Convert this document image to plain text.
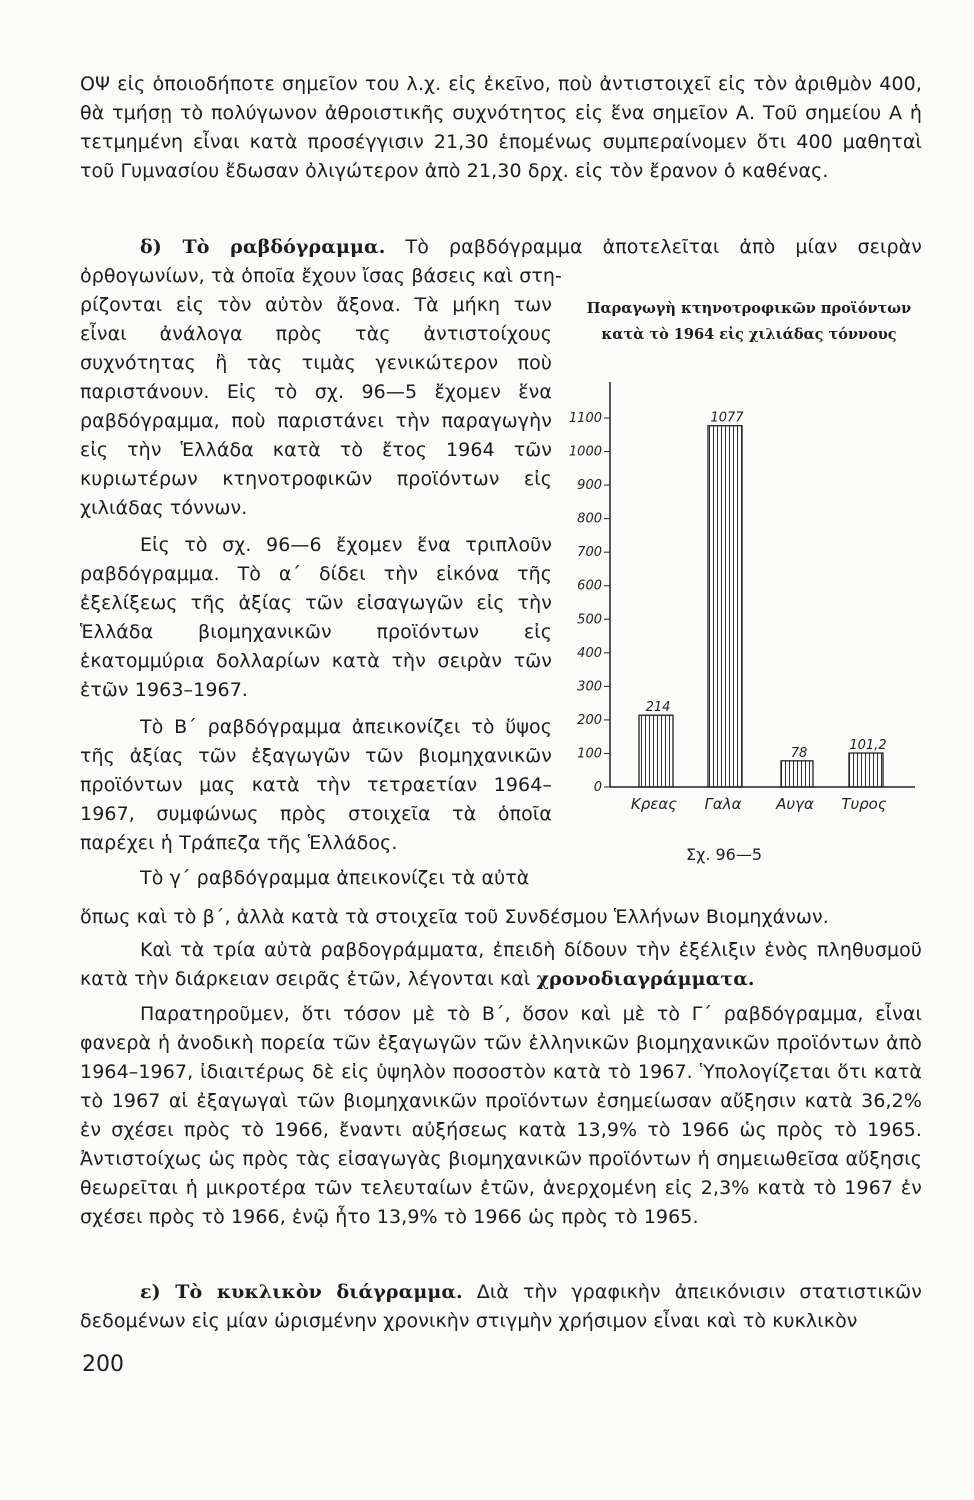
ΟΨ εἰς ὁποιοδήποτε σημεῖον του λ.χ. εἰς ἐκεῖνο, ποὺ ἀντιστοιχεῖ εἰς τὸν ἀριθμὸν 400, θὰ τμήσῃ τὸ πολύγωνον ἀθροιστικῆς συχνότητος εἰς ἕνα σημεῖον Α. Τοῦ σημείου Α ἡ τετμημένη εἶναι κατὰ προσέγγισιν 21,30 ἑπομένως συμπεραίνομεν ὅτι 400 μαθηταὶ τοῦ Γυμνασίου ἔδωσαν ὀλιγώτερον ἀπὸ 21,30 δρχ. εἰς τὸν ἔρανον ὁ καθένας.

δ) Τὸ ραβδόγραμμα. Τὸ ραβδόγραμμα ἀποτελεῖται ἀπὸ μίαν σειρὰν ὀρθογωνίων, τὰ ὁποῖα ἔχουν ἴσας βάσεις καὶ στη-

ρίζονται εἰς τὸν αὐτὸν ἄξονα. Τὰ μήκη των εἶναι ἀνάλογα πρὸς τὰς ἀντιστοίχους συχνότητας ἢ τὰς τιμὰς γενικώτερον ποὺ παριστάνουν. Εἰς τὸ σχ. 96—5 ἔχομεν ἕνα ραβδόγραμμα, ποὺ παριστάνει τὴν παραγωγὴν εἰς τὴν Ἑλλάδα κατὰ τὸ ἔτος 1964 τῶν κυριωτέρων κτηνοτροφικῶν προϊόντων εἰς χιλιάδας τόννων.

Εἰς τὸ σχ. 96—6 ἔχομεν ἕνα τριπλοῦν ραβδόγραμμα. Τὸ α΄ δίδει τὴν εἰκόνα τῆς ἐξελίξεως τῆς ἀξίας τῶν εἰσαγωγῶν εἰς τὴν Ἑλλάδα βιομηχανικῶν προϊόντων εἰς ἑκατομμύρια δολλαρίων κατὰ τὴν σειρὰν τῶν ἐτῶν 1963–1967.

Τὸ Β΄ ραβδόγραμμα ἀπεικονίζει τὸ ὕψος τῆς ἀξίας τῶν ἐξαγωγῶν τῶν βιομηχανικῶν προϊόντων μας κατὰ τὴν τετραετίαν 1964–1967, συμφώνως πρὸς στοιχεῖα τὰ ὁποῖα παρέχει ἡ Τράπεζα τῆς Ἑλλάδος.

Τὸ γ΄ ραβδόγραμμα ἀπεικονίζει τὰ αὐτὰ

ὅπως καὶ τὸ β΄, ἀλλὰ κατὰ τὰ στοιχεῖα τοῦ Συνδέσμου Ἑλλήνων Βιομηχάνων.

Καὶ τὰ τρία αὐτὰ ραβδογράμματα, ἐπειδὴ δίδουν τὴν ἐξέλιξιν ἑνὸς πληθυσμοῦ κατὰ τὴν διάρκειαν σειρᾶς ἐτῶν, λέγονται καὶ χρονοδιαγράμματα.

Παρατηροῦμεν, ὅτι τόσον μὲ τὸ Β΄, ὅσον καὶ μὲ τὸ Γ΄ ραβδόγραμμα, εἶναι φανερὰ ἡ ἀνοδικὴ πορεία τῶν ἐξαγωγῶν τῶν ἑλληνικῶν βιομηχανικῶν προϊόντων ἀπὸ 1964–1967, ἰδιαιτέρως δὲ εἰς ὑψηλὸν ποσοστὸν κατὰ τὸ 1967. Ὑπολογίζεται ὅτι κατὰ τὸ 1967 αἱ ἐξαγωγαὶ τῶν βιομηχανικῶν προϊόντων ἐσημείωσαν αὔξησιν κατὰ 36,2% ἐν σχέσει πρὸς τὸ 1966, ἔναντι αὐξήσεως κατὰ 13,9% τὸ 1966 ὡς πρὸς τὸ 1965. Ἀντιστοίχως ὡς πρὸς τὰς εἰσαγωγὰς βιομηχανικῶν προϊόντων ἡ σημειωθεῖσα αὔξησις θεωρεῖται ἡ μικροτέρα τῶν τελευταίων ἐτῶν, ἀνερχομένη εἰς 2,3% κατὰ τὸ 1967 ἐν σχέσει πρὸς τὸ 1966, ἐνῷ ἦτο 13,9% τὸ 1966 ὡς πρὸς τὸ 1965.

ε) Τὸ κυκλικὸν διάγραμμα. Διὰ τὴν γραφικὴν ἀπεικόνισιν στατιστικῶν δεδομένων εἰς μίαν ὡρισμένην χρονικὴν στιγμὴν χρήσιμον εἶναι καὶ τὸ κυκλικὸν

200
Παραγωγὴ κτηνοτροφικῶν προϊόντων
κατὰ τὸ 1964 εἰς χιλιάδας τόννους
0
100
200
300
400
500
600
700
800
900
1000
1100
214
Κρεας
1077
Γαλα
78
Αυγα
101,2
Τυρος
Σχ. 96—5
